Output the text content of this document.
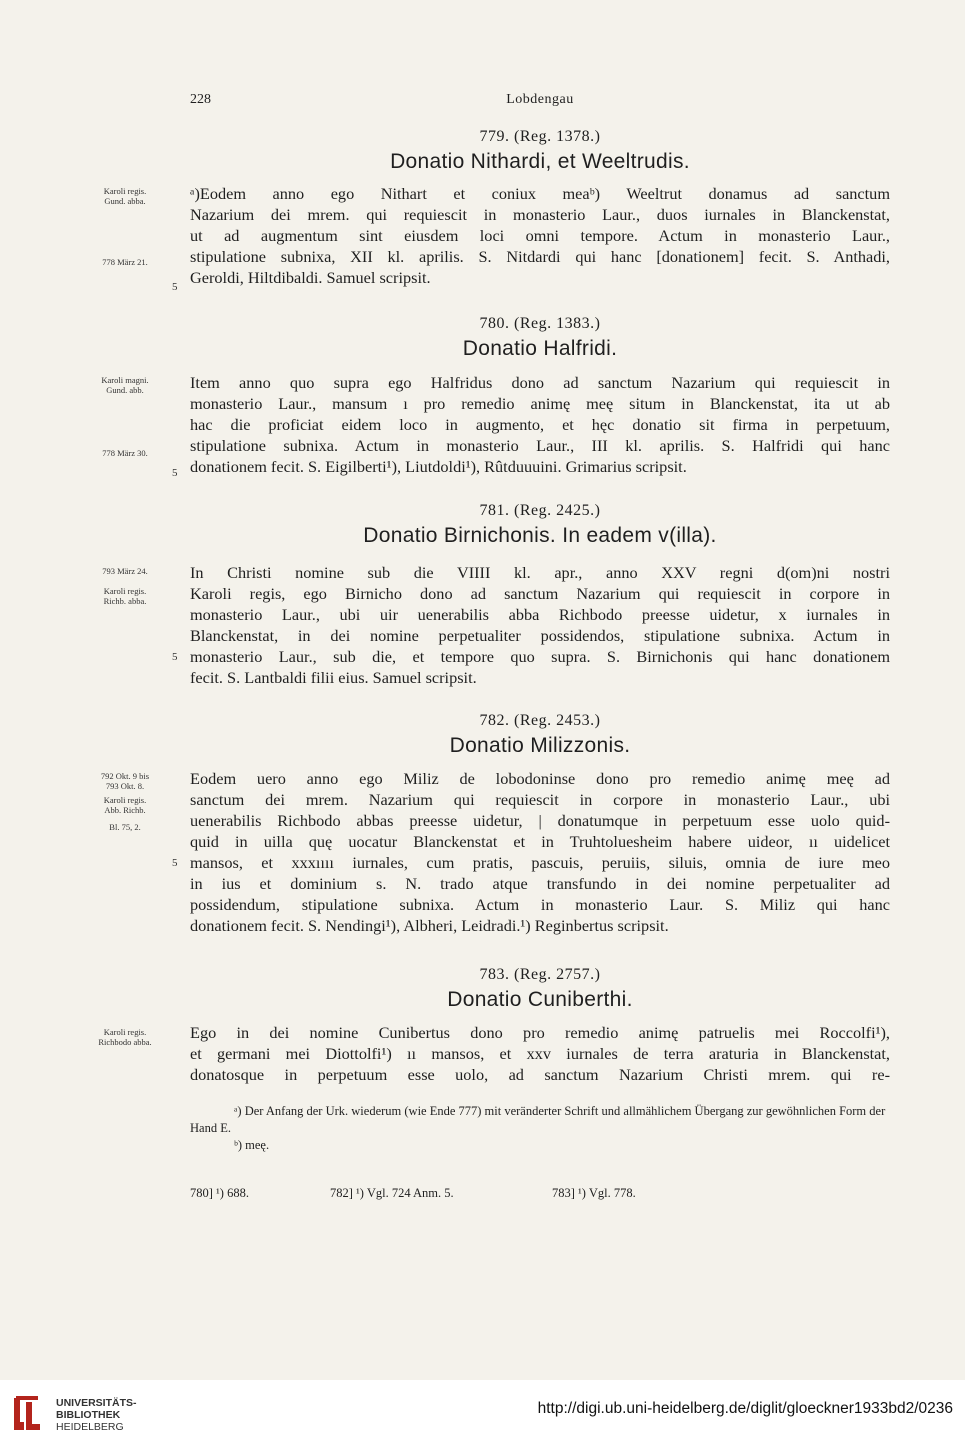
228	Lobdengau
779. (Reg. 1378.)
Donatio Nithardi, et Weeltrudis.
Karoli regis.
Gund. abba.
778 März 21.
ᵃ)Eodem anno ego Nithart et coniux meaᵇ) Weeltrut donamus ad sanctum
Nazarium dei mrem. qui requiescit in monasterio Laur., duos iurnales in Blanckenstat,
ut ad augmentum sint eiusdem loci omni tempore. Actum in monasterio Laur.,
stipulatione subnixa, XII kl. aprilis. S. Nitdardi qui hanc [donationem] fecit. S. Anthadi,
Geroldi, Hiltdibaldi. Samuel scripsit.
5
780. (Reg. 1383.)
Donatio Halfridi.
Karoli magni.
Gund. abb.
778 März 30.
Item anno quo supra ego Halfridus dono ad sanctum Nazarium qui requiescit in
monasterio Laur., mansum ı pro remedio animę meę situm in Blanckenstat, ita ut ab
hac die proficiat eidem loco in augmento, et hęc donatio sit firma in perpetuum,
stipulatione subnixa. Actum in monasterio Laur., III kl. aprilis. S. Halfridi qui hanc
donationem fecit. S. Eigilberti¹), Liutdoldi¹), Rûtduuuini. Grimarius scripsit.
5
781. (Reg. 2425.)
Donatio Birnichonis. In eadem v(illa).
793 März 24.
Karoli regis.
Richb. abba.
In Christi nomine sub die VIIII kl. apr., anno XXV regni d(om)ni nostri
Karoli regis, ego Birnicho dono ad sanctum Nazarium qui requiescit in corpore in
monasterio Laur., ubi uir uenerabilis abba Richbodo preesse uidetur, x iurnales in
Blanckenstat, in dei nomine perpetualiter possidendos, stipulatione subnixa. Actum in
monasterio Laur., sub die, et tempore quo supra. S. Birnichonis qui hanc donationem
fecit. S. Lantbaldi filii eius. Samuel scripsit.
5
782. (Reg. 2453.)
Donatio Milizzonis.
792 Okt. 9 bis
793 Okt. 8.
Karoli regis.
Abb. Richb.
Bl. 75, 2.
Eodem uero anno ego Miliz de lobodoninse dono pro remedio animę meę ad
sanctum dei mrem. Nazarium qui requiescit in corpore in monasterio Laur., ubi
uenerabilis Richbodo abbas preesse uidetur, | donatumque in perpetuum esse uolo quid-
quid in uilla quę uocatur Blanckenstat et in Truhtoluesheim habere uideor, ıı uidelicet
mansos, et xxxıııı iurnales, cum pratis, pascuis, peruiis, siluis, omnia de iure meo
in ius et dominium s. N. trado atque transfundo in dei nomine perpetualiter ad
possidendum, stipulatione subnixa. Actum in monasterio Laur. S. Miliz qui hanc
donationem fecit. S. Nendingi¹), Albheri, Leidradi.¹) Reginbertus scripsit.
5
783. (Reg. 2757.)
Donatio Cuniberthi.
Karoli regis.
Richbodo abba.	Ego in dei nomine Cunibertus dono pro remedio animę patruelis mei Roccolfi¹),
et germani mei Diottolfi¹) ıı mansos, et xxv iurnales de terra araturia in Blanckenstat,
donatosque in perpetuum esse uolo, ad sanctum Nazarium Christi mrem. qui re-
ᵃ) Der Anfang der Urk. wiederum (wie Ende 777) mit veränderter Schrift und allmählichem Übergang zur gewöhnlichen Form der Hand E.
ᵇ) meę.
780] ¹) 688.	782] ¹) Vgl. 724 Anm. 5.	783] ¹) Vgl. 778.
UNIVERSITÄTS-
BIBLIOTHEK
HEIDELBERG
http://digi.ub.uni-heidelberg.de/diglit/gloeckner1933bd2/0236
